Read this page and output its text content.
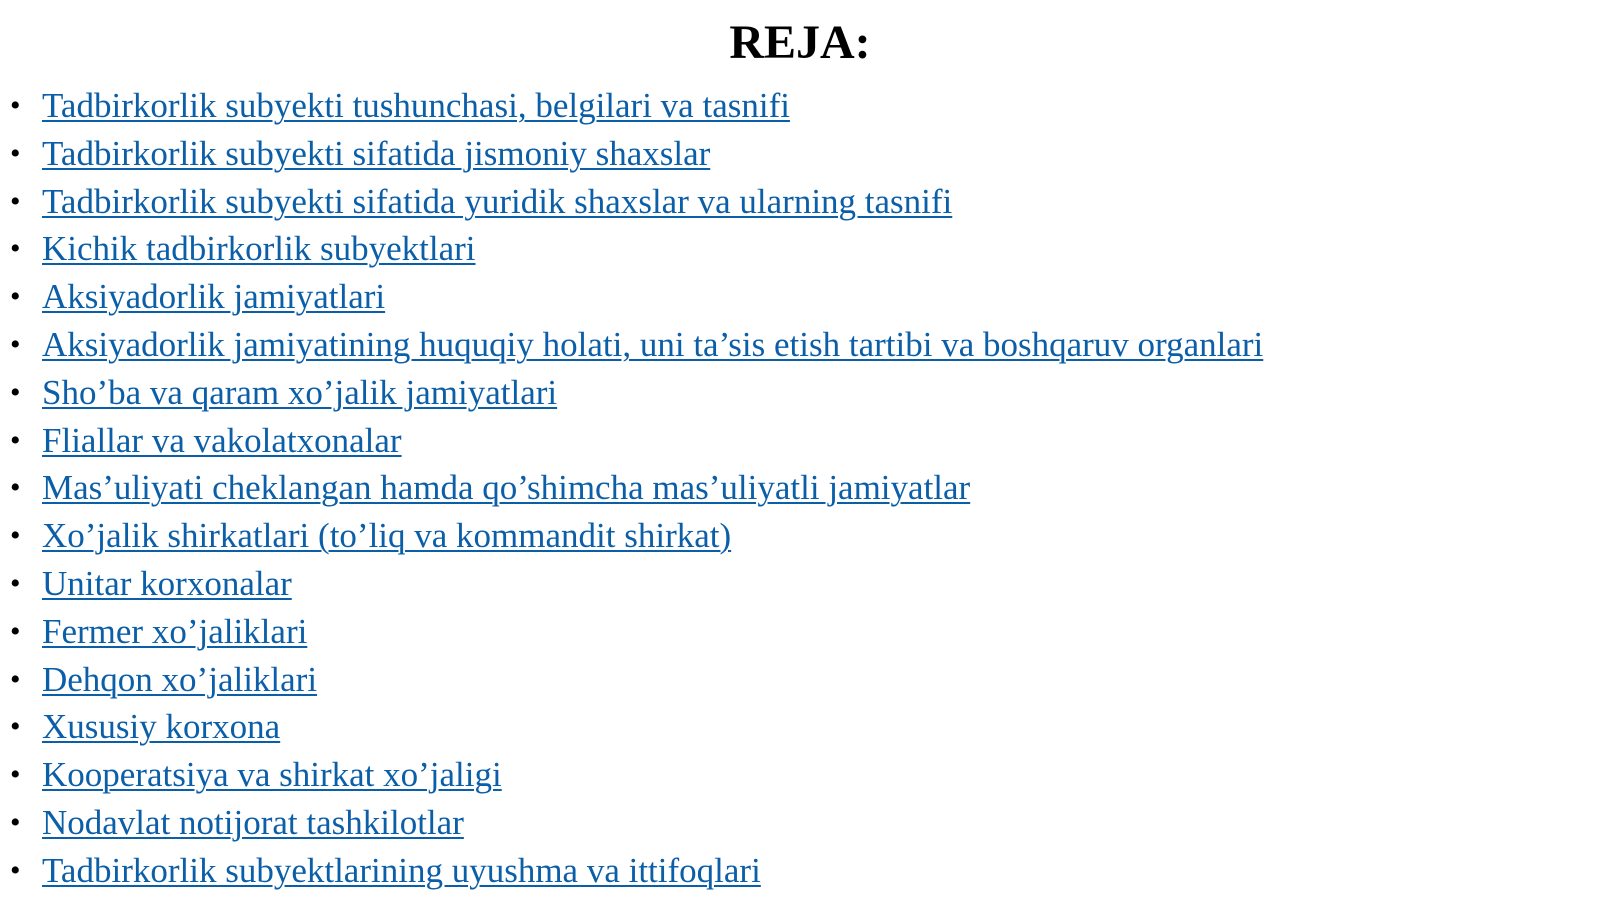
REJA:
• Tadbirkorlik subyekti tushunchasi, belgilari va tasnifi
• Tadbirkorlik subyekti sifatida jismoniy shaxslar
• Tadbirkorlik subyekti sifatida yuridik shaxslar va ularning tasnifi
• Kichik tadbirkorlik subyektlari
• Aksiyadorlik jamiyatlari
• Aksiyadorlik jamiyatining huquqiy holati, uni ta’sis etish tartibi va boshqaruv organlari
• Sho’ba va qaram xo’jalik jamiyatlari
• Fliallar va vakolatxonalar
• Mas’uliyati cheklangan hamda qo’shimcha mas’uliyatli jamiyatlar
• Xo’jalik shirkatlari (to’liq va kommandit shirkat)
• Unitar korxonalar
• Fermer xo’jaliklari
• Dehqon xo’jaliklari
• Xususiy korxona
• Kooperatsiya va shirkat xo’jaligi
• Nodavlat notijorat tashkilotlar
• Tadbirkorlik subyektlarining uyushma va ittifoqlari
